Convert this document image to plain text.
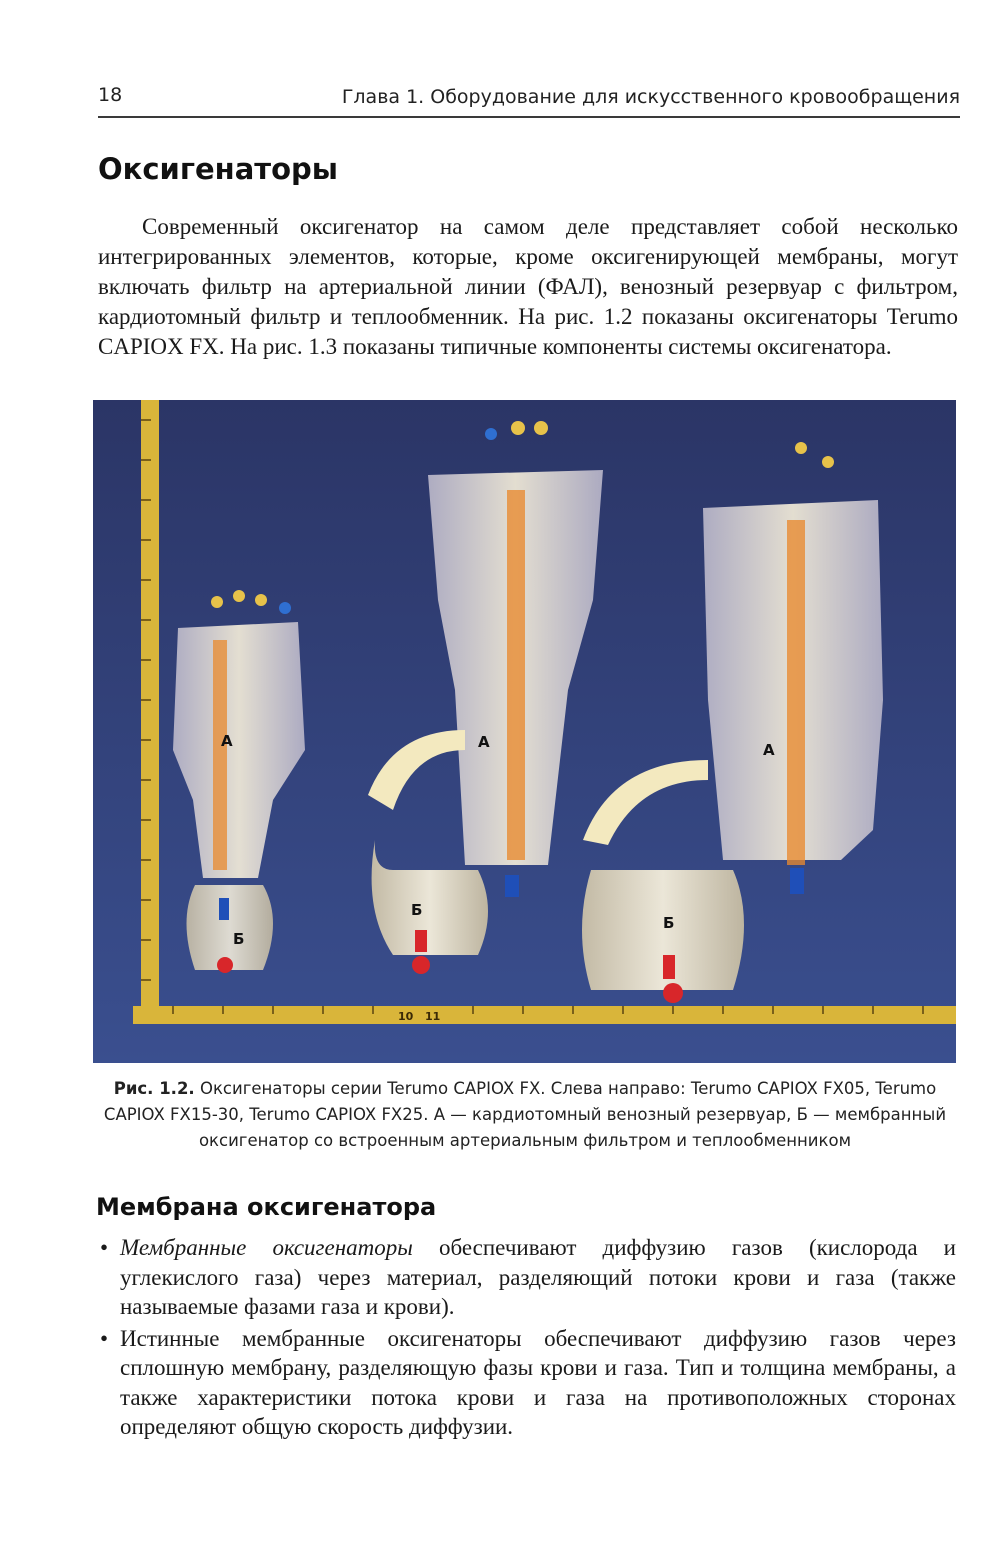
18	Глава 1. Оборудование для искусственного кровообращения
Оксигенаторы

Современный оксигенатор на самом деле представляет собой несколько интегрированных элементов, которые, кроме оксигенирующей мембраны, могут включать фильтр на артериальной линии (ФАЛ), венозный резервуар с фильтром, кардиотомный фильтр и теплообменник. На рис. 1.2 показаны оксигенаторы Terumo CAPIOX FX. На рис. 1.3 показаны типичные компоненты системы оксигенатора.

10 11
А
Б
А
Б
А
Б

Рис. 1.2. Оксигенаторы серии Terumo CAPIOX FX. Слева направо: Terumo CAPIOX FX05, Terumo CAPIOX FX15-30, Terumo CAPIOX FX25. А — кардиотомный венозный резервуар, Б — мембранный оксигенатор со встроенным артериальным фильтром и теплообменником

Мембрана оксигенатора
• Мембранные оксигенаторы обеспечивают диффузию газов (кислорода и углекислого газа) через материал, разделяющий потоки крови и газа (также называемые фазами газа и крови).
• Истинные мембранные оксигенаторы обеспечивают диффузию газов через сплошную мембрану, разделяющую фазы крови и газа. Тип и толщина мембраны, а также характеристики потока крови и газа на противоположных сторонах определяют общую скорость диффузии.
